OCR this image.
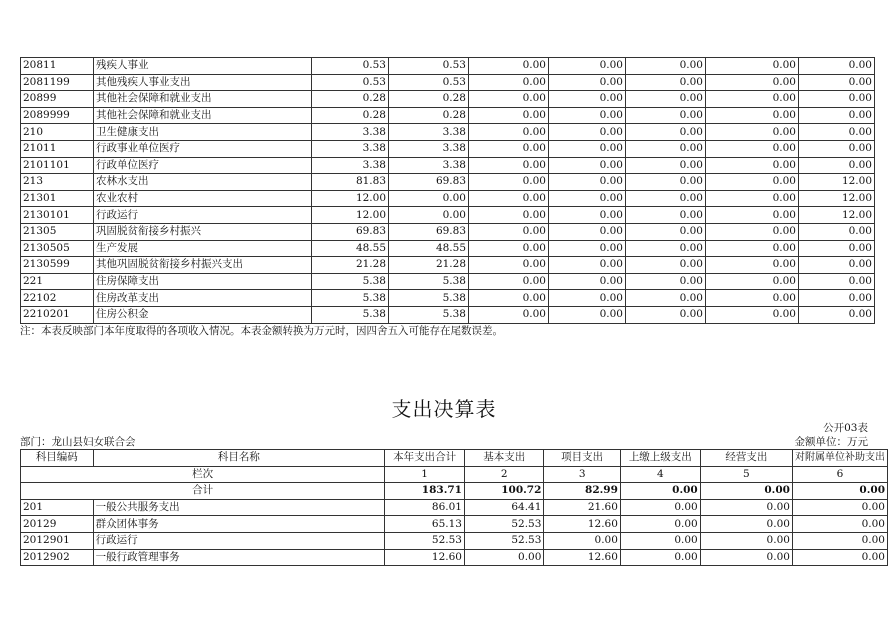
20811	残疾人事业	0.53	0.53	0.00	0.00	0.00	0.00	0.00
2081199	其他残疾人事业支出	0.53	0.53	0.00	0.00	0.00	0.00	0.00
20899	其他社会保障和就业支出	0.28	0.28	0.00	0.00	0.00	0.00	0.00
2089999	其他社会保障和就业支出	0.28	0.28	0.00	0.00	0.00	0.00	0.00
210	卫生健康支出	3.38	3.38	0.00	0.00	0.00	0.00	0.00
21011	行政事业单位医疗	3.38	3.38	0.00	0.00	0.00	0.00	0.00
2101101	行政单位医疗	3.38	3.38	0.00	0.00	0.00	0.00	0.00
213	农林水支出	81.83	69.83	0.00	0.00	0.00	0.00	12.00
21301	农业农村	12.00	0.00	0.00	0.00	0.00	0.00	12.00
2130101	行政运行	12.00	0.00	0.00	0.00	0.00	0.00	12.00
21305	巩固脱贫衔接乡村振兴	69.83	69.83	0.00	0.00	0.00	0.00	0.00
2130505	生产发展	48.55	48.55	0.00	0.00	0.00	0.00	0.00
2130599	其他巩固脱贫衔接乡村振兴支出	21.28	21.28	0.00	0.00	0.00	0.00	0.00
221	住房保障支出	5.38	5.38	0.00	0.00	0.00	0.00	0.00
22102	住房改革支出	5.38	5.38	0.00	0.00	0.00	0.00	0.00
2210201	住房公积金	5.38	5.38	0.00	0.00	0.00	0.00	0.00
注：本表反映部门本年度取得的各项收入情况。本表金额转换为万元时，因四舍五入可能存在尾数误差。
支出决算表
公开03表
部门：龙山县妇女联合会	金额单位：万元
科目编码	科目名称	本年支出合计	基本支出	项目支出	上缴上级支出	经营支出	对附属单位补助支出
栏次		1	2	3	4	5	6
合计		183.71	100.72	82.99	0.00	0.00	0.00
201	一般公共服务支出	86.01	64.41	21.60	0.00	0.00	0.00
20129	群众团体事务	65.13	52.53	12.60	0.00	0.00	0.00
2012901	行政运行	52.53	52.53	0.00	0.00	0.00	0.00
2012902	一般行政管理事务	12.60	0.00	12.60	0.00	0.00	0.00
